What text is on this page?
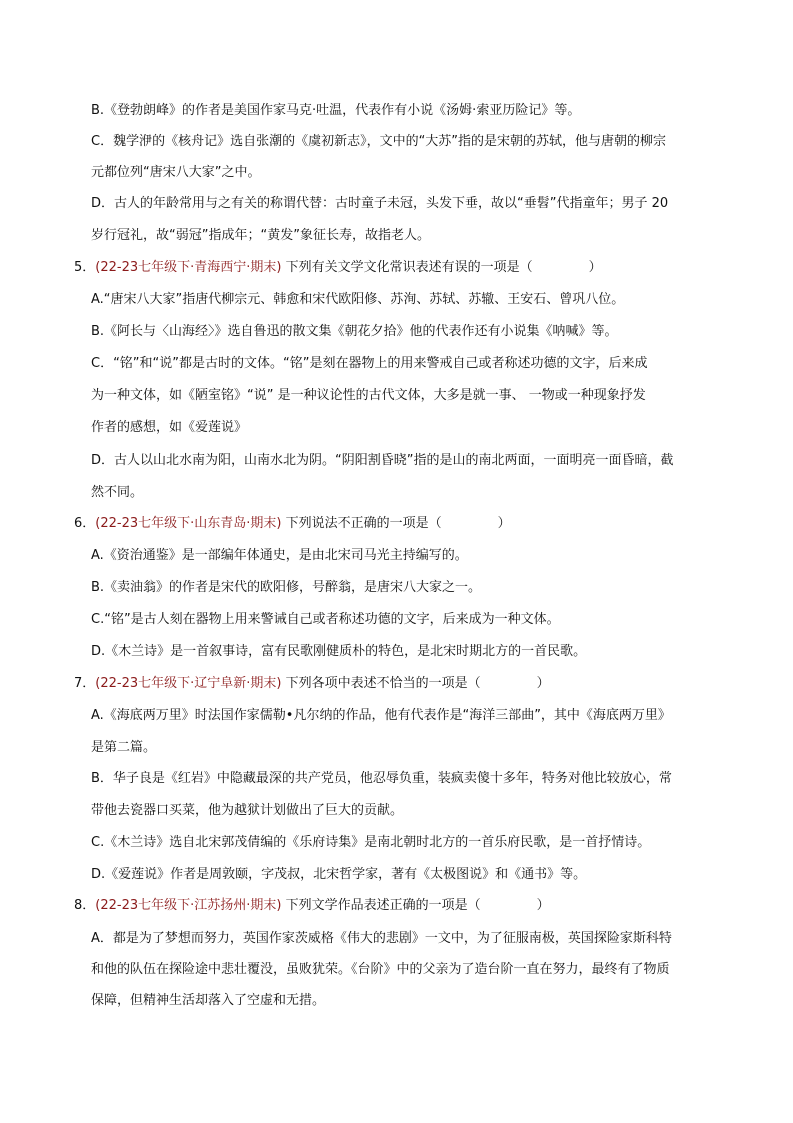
B.《登勃朗峰》的作者是美国作家马克·吐温，代表作有小说《汤姆·索亚历险记》等。
C．魏学洢的《核舟记》选自张潮的《虞初新志》，文中的“大苏”指的是宋朝的苏轼，他与唐朝的柳宗
元都位列“唐宋八大家”之中。
D．古人的年龄常用与之有关的称谓代替：古时童子未冠，头发下垂，故以“垂髫”代指童年；男子 20
岁行冠礼，故“弱冠”指成年；“黄发”象征长寿，故指老人。
5．(22-23七年级下·青海西宁·期末) 下列有关文学文化常识表述有误的一项是（	）
A.“唐宋八大家”指唐代柳宗元、韩愈和宋代欧阳修、苏洵、苏轼、苏辙、王安石、曾巩八位。
B.《阿长与〈山海经〉》选自鲁迅的散文集《朝花夕拾》他的代表作还有小说集《呐喊》等。
C．“铭”和“说”都是古时的文体。“铭”是刻在器物上的用来警戒自己或者称述功德的文字，后来成
为一种文体，如《陋室铭》“说” 是一种议论性的古代文体，大多是就一事、 一物或一种现象抒发
作者的感想，如《爱莲说》
D．古人以山北水南为阳，山南水北为阴。“阴阳割昏晓”指的是山的南北两面，一面明亮一面昏暗，截
然不同。
6．(22-23七年级下·山东青岛·期末) 下列说法不正确的一项是（	）
A.《资治通鉴》是一部编年体通史，是由北宋司马光主持编写的。
B.《卖油翁》的作者是宋代的欧阳修，号醉翁，是唐宋八大家之一。
C.“铭”是古人刻在器物上用来警诫自己或者称述功德的文字，后来成为一种文体。
D.《木兰诗》是一首叙事诗，富有民歌刚健质朴的特色，是北宋时期北方的一首民歌。
7．(22-23七年级下·辽宁阜新·期末) 下列各项中表述不恰当的一项是（	）
A.《海底两万里》时法国作家儒勒•凡尔纳的作品，他有代表作是“海洋三部曲”，其中《海底两万里》
是第二篇。
B．华子良是《红岩》中隐藏最深的共产党员，他忍辱负重，装疯卖傻十多年，特务对他比较放心，常
带他去瓷器口买菜，他为越狱计划做出了巨大的贡献。
C.《木兰诗》选自北宋郭茂倩编的《乐府诗集》是南北朝时北方的一首乐府民歌，是一首抒情诗。
D.《爱莲说》作者是周敦颐，字茂叔，北宋哲学家，著有《太极图说》和《通书》等。
8．(22-23七年级下·江苏扬州·期末) 下列文学作品表述正确的一项是（	）
A．都是为了梦想而努力，英国作家茨威格《伟大的悲剧》一文中，为了征服南极，英国探险家斯科特
和他的队伍在探险途中悲壮覆没，虽败犹荣。《台阶》中的父亲为了造台阶一直在努力，最终有了物质
保障，但精神生活却落入了空虚和无措。
